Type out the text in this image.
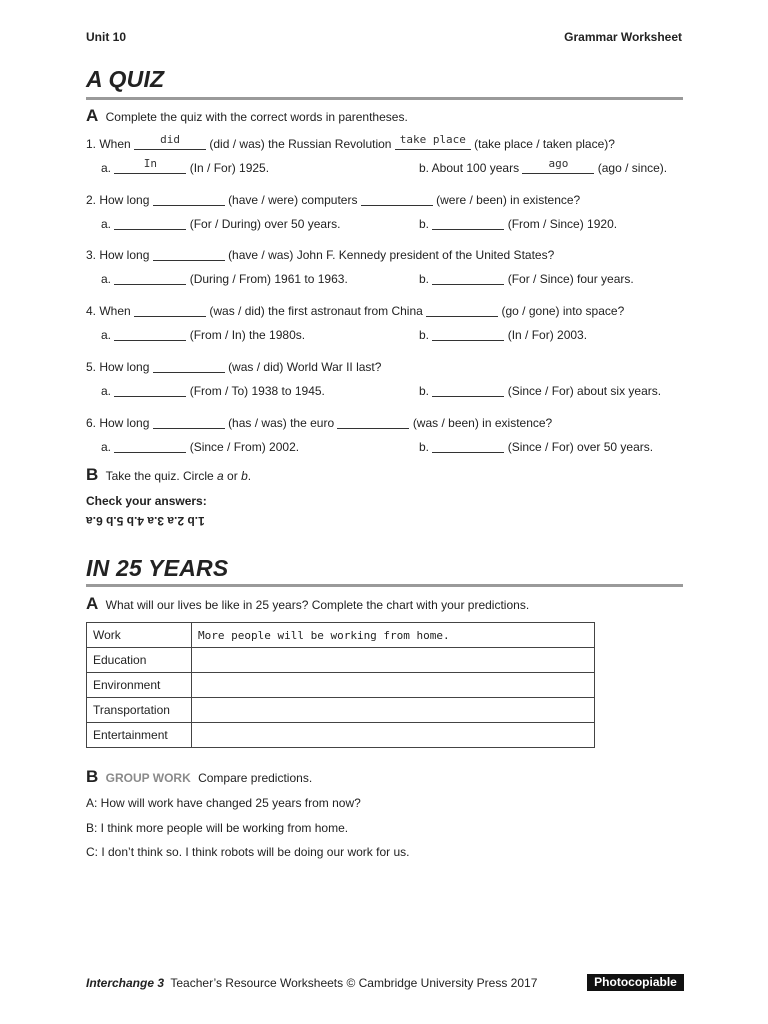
Unit 10	Grammar Worksheet
A QUIZ
A Complete the quiz with the correct words in parentheses.
1. When	did	(did / was) the Russian Revolution take place (take place / taken place)?
a.	In	(In / For) 1925.	b. About 100 years	ago	(ago / since).
2. How long	(have / were) computers	(were / been) in existence?
a.	(For / During) over 50 years.	b.	(From / Since) 1920.
3. How long	(have / was) John F. Kennedy president of the United States?
a.	(During / From) 1961 to 1963.	b.	(For / Since) four years.
4. When	(was / did) the first astronaut from China	(go / gone) into space?
a.	(From / In) the 1980s.	b.	(In / For) 2003.
5. How long	(was / did) World War II last?
a.	(From / To) 1938 to 1945.	b.	(Since / For) about six years.
6. How long	(has / was) the euro	(was / been) in existence?
a.	(Since / From) 2002.	b.	(Since / For) over 50 years.
B Take the quiz. Circle a or b.
Check your answers:
1.b 2.a 3.a 4.b 5.b 6.a
IN 25 YEARS
A What will our lives be like in 25 years? Complete the chart with your predictions.
Work	More people will be working from home.
Education	
Environment	
Transportation	
Entertainment	
B GROUP WORK Compare predictions.
A: How will work have changed 25 years from now?
B: I think more people will be working from home.
C: I don’t think so. I think robots will be doing our work for us.
Interchange 3 Teacher’s Resource Worksheets © Cambridge University Press 2017	Photocopiable
